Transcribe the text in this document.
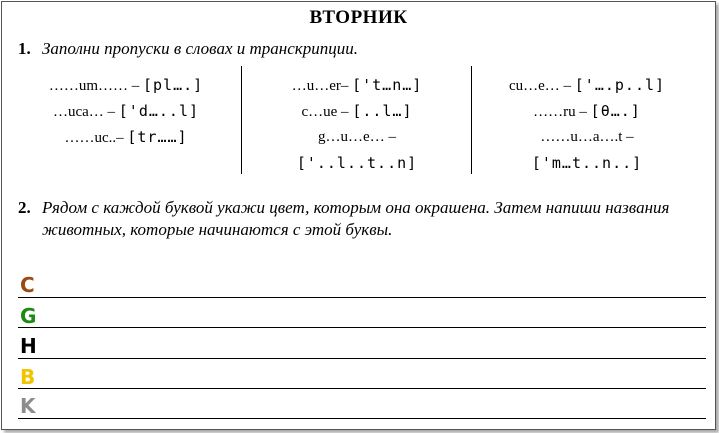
ВТОРНИК
1. Заполни пропуски в словах и транскрипции.
……um…… – [pl….]
…uca… – ['d…..l]
……uc..– [tr……]
…u…er– ['t…n…]
c…ue – [..l…]
g…u…e… –
['..l..t..n]
cu…e… – ['….p..l]
……ru – [θ….]
……u…a….t –
['m…t..n..]
2. Рядом с каждой буквой укажи цвет, которым она окрашена. Затем напиши названия животных, которые начинаются с этой буквы.
C
G
H
B
K
